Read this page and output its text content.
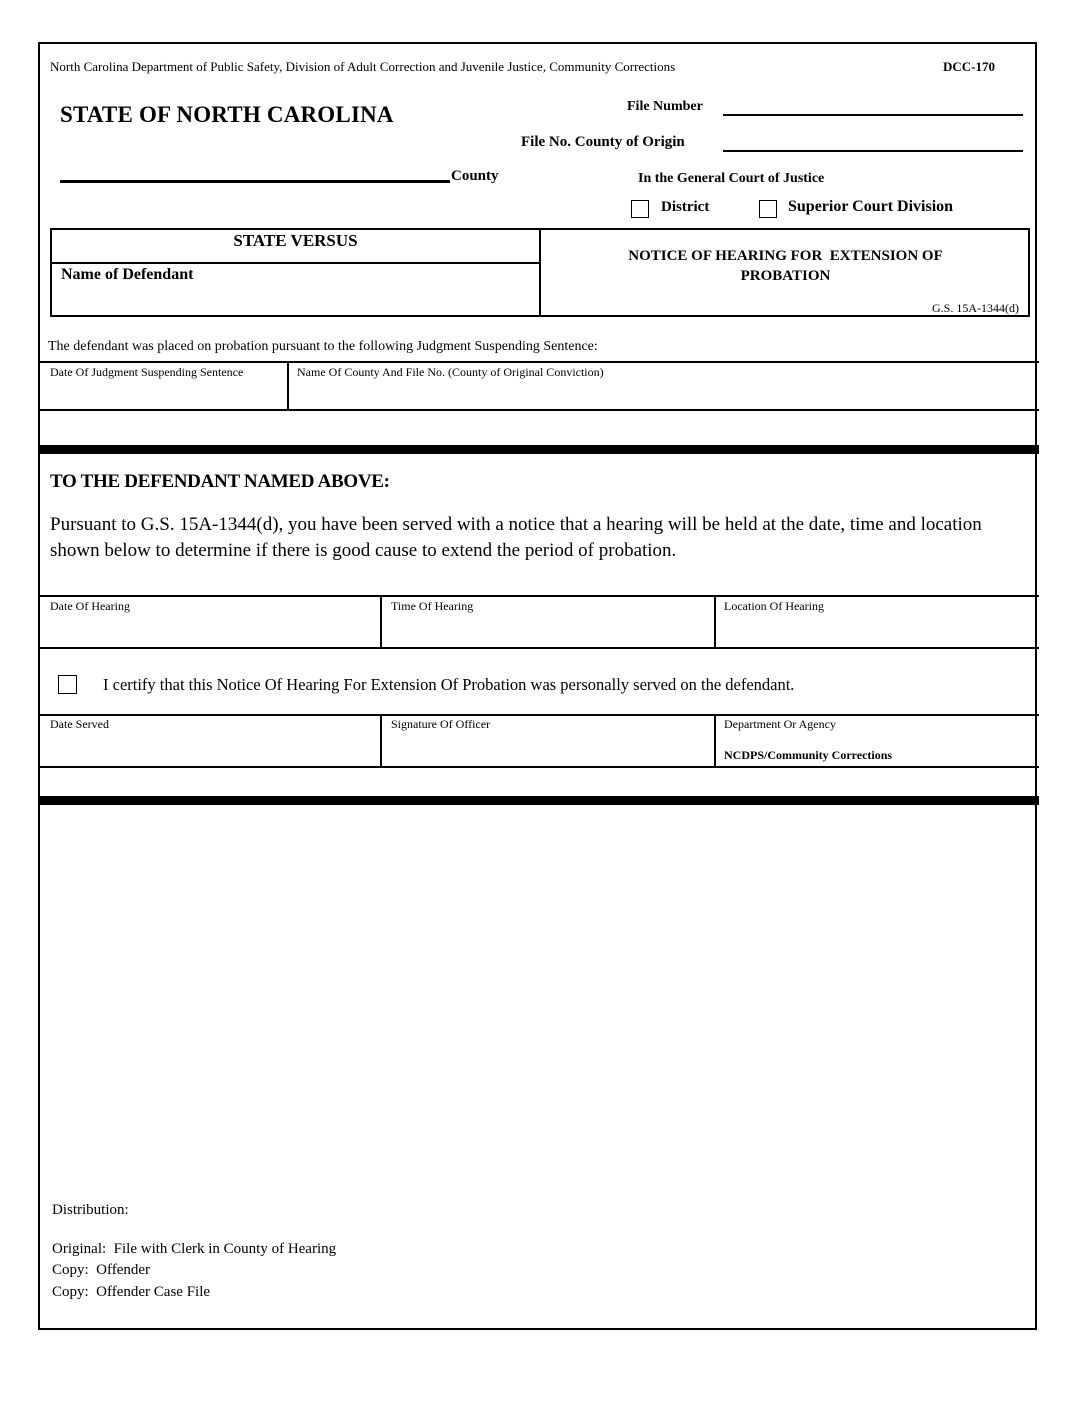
North Carolina Department of Public Safety, Division of Adult Correction and Juvenile Justice, Community Corrections	DCC-170
STATE OF NORTH CAROLINA
County
File Number
File No. County of Origin
In the General Court of Justice
District	Superior Court Division
STATE VERSUS
Name of Defendant
NOTICE OF HEARING FOR  EXTENSION OF
PROBATION
G.S. 15A-1344(d)
The defendant was placed on probation pursuant to the following Judgment Suspending Sentence:
Date Of Judgment Suspending Sentence	Name Of County And File No. (County of Original Conviction)
TO THE DEFENDANT NAMED ABOVE:
Pursuant to G.S. 15A-1344(d), you have been served with a notice that a hearing will be held at the date, time and location shown below to determine if there is good cause to extend the period of probation.
Date Of Hearing	Time Of Hearing	Location Of Hearing
I certify that this Notice Of Hearing For Extension Of Probation was personally served on the defendant.
Date Served	Signature Of Officer	Department Or Agency
NCDPS/Community Corrections
Distribution:
Original:  File with Clerk in County of Hearing
Copy:  Offender
Copy:  Offender Case File
